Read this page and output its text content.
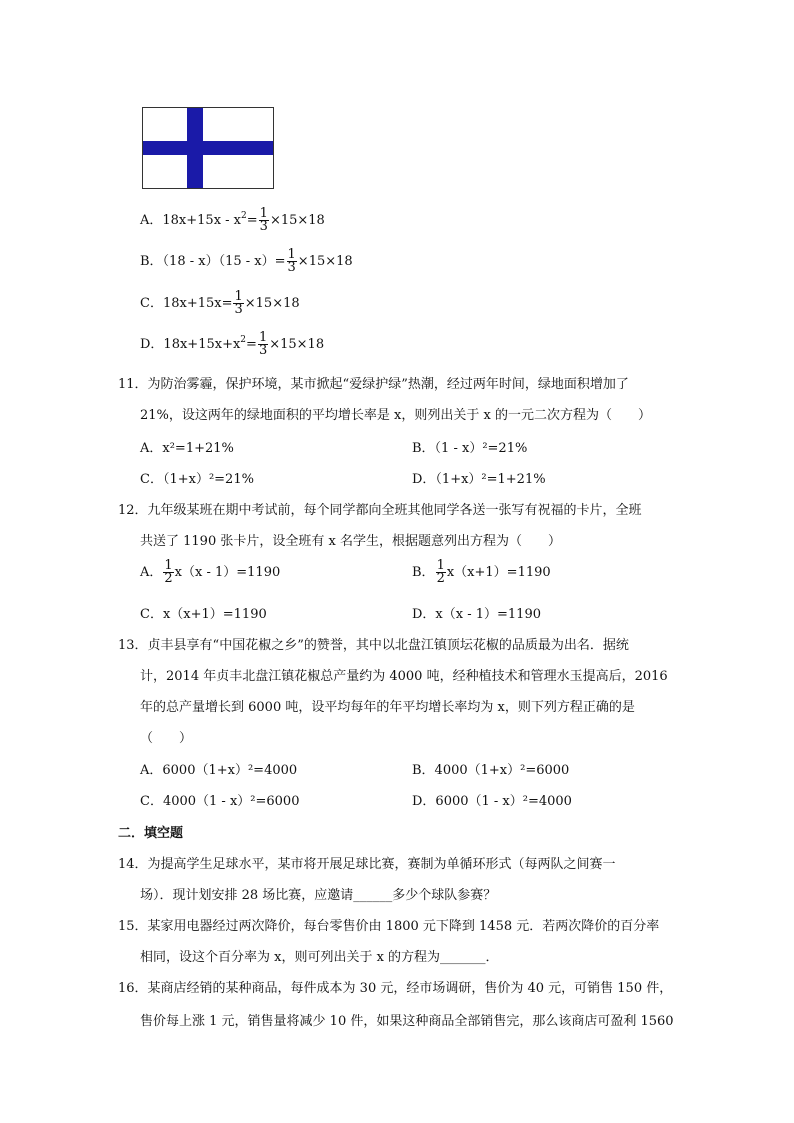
A．$18x+15x - x^2= \frac{1}{3} \times 15\times 18$
B．$(18 - x)(15 - x)= \frac{1}{3} \times 15\times 18$
C．$18x+15x= \frac{1}{3} \times 15\times 18$
D．$18x+15x+x^2= \frac{1}{3} \times 15\times 18$
11．为防治雾霾，保护环境，某市掀起“爱绿护绿”热潮，经过两年时间，绿地面积增加了
21%，设这两年的绿地面积的平均增长率是 x，则列出关于 x 的一元二次方程为（　　）
A．x²=1+21%	B．（1 - x）²=21%
C．（1+x）²=21%	D．（1+x）²=1+21%
12．九年级某班在期中考试前，每个同学都向全班其他同学各送一张写有祝福的卡片，全班
共送了 1190 张卡片，设全班有 x 名学生，根据题意列出方程为（　　）
A． $\frac{1}{2} x(x - 1)=1190$	B． $\frac{1}{2} x(x+1)=1190$
C．x（x+1）=1190	D．x（x - 1）=1190
13．贞丰县享有“中国花椒之乡”的赞誉，其中以北盘江镇顶坛花椒的品质最为出名．据统
计，2014 年贞丰北盘江镇花椒总产量约为 4000 吨，经种植技术和管理水玉提高后，2016
年的总产量增长到 6000 吨，设平均每年的年平均增长率均为 x，则下列方程正确的是
（　　）
A．6000（1+x）²=4000	B．4000（1+x）²=6000
C．4000（1 - x）²=6000	D．6000（1 - x）²=4000
二．填空题
14．为提高学生足球水平，某市将开展足球比赛，赛制为单循环形式（每两队之间赛一
场）．现计划安排 28 场比赛，应邀请______多少个球队参赛？
15．某家用电器经过两次降价，每台零售价由 1800 元下降到 1458 元．若两次降价的百分率
相同，设这个百分率为 x，则可列出关于 x 的方程为_______．
16．某商店经销的某种商品，每件成本为 30 元，经市场调研，售价为 40 元，可销售 150 件，
售价每上涨 1 元，销售量将减少 10 件，如果这种商品全部销售完，那么该商店可盈利 1560
